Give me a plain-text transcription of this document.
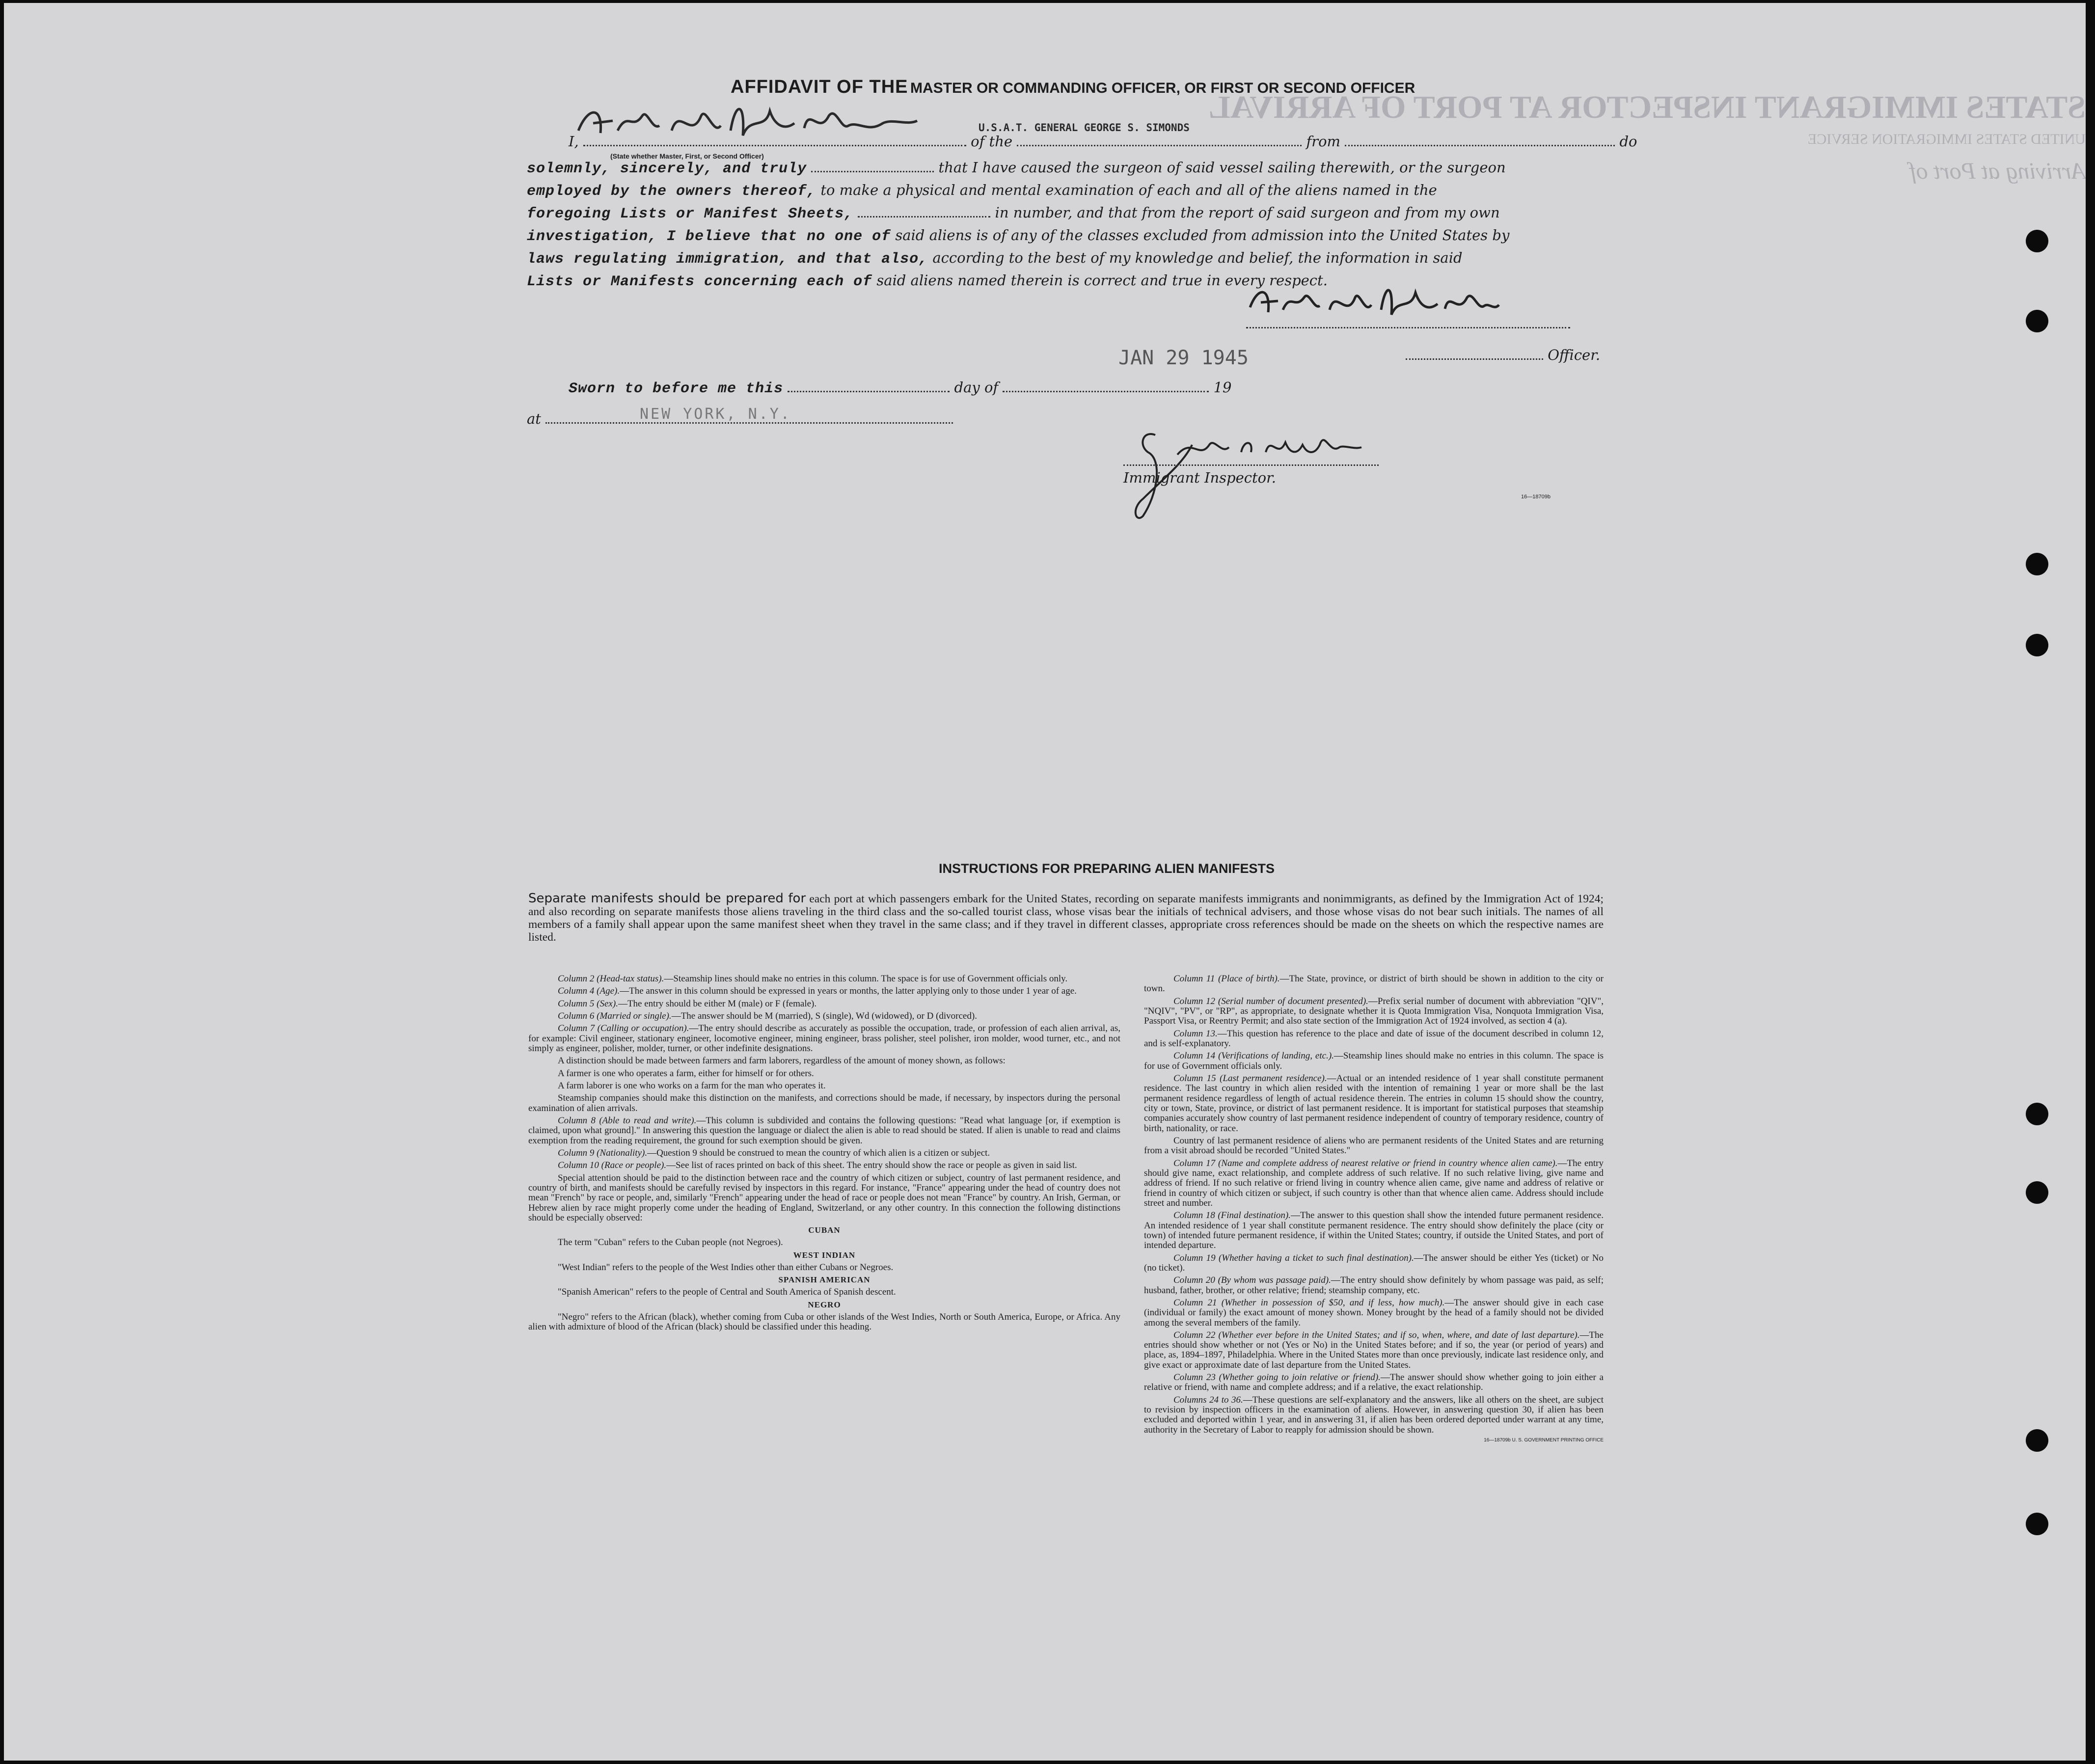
STATES IMMIGRANT INSPECTOR AT PORT OF ARRIVAL
UNITED STATES IMMIGRATION SERVICE
Arriving at Port of
AFFIDAVIT OF THE MASTER OR COMMANDING OFFICER, OR FIRST OR SECOND OFFICER
I,	of the	from	do
U.S.A.T. GENERAL GEORGE S. SIMONDS
(State whether Master, First, or Second Officer)
solemnly, sincerely, and truly	that I have caused the surgeon of said vessel sailing therewith, or the surgeon
employed by the owners thereof, to make a physical and mental examination of each and all of the aliens named in the
foregoing Lists or Manifest Sheets,	in number, and that from the report of said surgeon and from my own
investigation, I believe that no one of said aliens is of any of the classes excluded from admission into the United States by
laws regulating immigration, and that also, according to the best of my knowledge and belief, the information in said
Lists or Manifests concerning each of said aliens named therein is correct and true in every respect.
Officer.
JAN 29 1945
Sworn to before me this	day of	19
at	NEW YORK, N.Y.
Immigrant Inspector.
16—18709b
INSTRUCTIONS FOR PREPARING ALIEN MANIFESTS
Separate manifests should be prepared for each port at which passengers embark for the United States, recording on separate manifests immigrants and nonimmigrants, as defined by the Immigration Act of 1924; and also recording on separate manifests those aliens traveling in the third class and the so-called tourist class, whose visas bear the initials of technical advisers, and those whose visas do not bear such initials. The names of all members of a family shall appear upon the same manifest sheet when they travel in the same class; and if they travel in different classes, appropriate cross references should be made on the sheets on which the respective names are listed.

Column 2 (Head-tax status).—Steamship lines should make no entries in this column. The space is for use of Government officials only.

Column 4 (Age).—The answer in this column should be expressed in years or months, the latter applying only to those under 1 year of age.

Column 5 (Sex).—The entry should be either M (male) or F (female).

Column 6 (Married or single).—The answer should be M (married), S (single), Wd (widowed), or D (divorced).

Column 7 (Calling or occupation).—The entry should describe as accurately as possible the occupation, trade, or profession of each alien arrival, as, for example: Civil engineer, stationary engineer, locomotive engineer, mining engineer, brass polisher, steel polisher, iron molder, wood turner, etc., and not simply as engineer, polisher, molder, turner, or other indefinite designations.

A distinction should be made between farmers and farm laborers, regardless of the amount of money shown, as follows:

A farmer is one who operates a farm, either for himself or for others.

A farm laborer is one who works on a farm for the man who operates it.

Steamship companies should make this distinction on the manifests, and corrections should be made, if necessary, by inspectors during the personal examination of alien arrivals.

Column 8 (Able to read and write).—This column is subdivided and contains the following questions: "Read what language [or, if exemption is claimed, upon what ground]." In answering this question the language or dialect the alien is able to read should be stated. If alien is unable to read and claims exemption from the reading requirement, the ground for such exemption should be given.

Column 9 (Nationality).—Question 9 should be construed to mean the country of which alien is a citizen or subject.

Column 10 (Race or people).—See list of races printed on back of this sheet. The entry should show the race or people as given in said list.

Special attention should be paid to the distinction between race and the country of which citizen or subject, country of last permanent residence, and country of birth, and manifests should be carefully revised by inspectors in this regard. For instance, "France" appearing under the head of country does not mean "French" by race or people, and, similarly "French" appearing under the head of race or people does not mean "France" by country. An Irish, German, or Hebrew alien by race might properly come under the heading of England, Switzerland, or any other country. In this connection the following distinctions should be especially observed:

CUBAN

The term "Cuban" refers to the Cuban people (not Negroes).

WEST INDIAN

"West Indian" refers to the people of the West Indies other than either Cubans or Negroes.

SPANISH AMERICAN

"Spanish American" refers to the people of Central and South America of Spanish descent.

NEGRO

"Negro" refers to the African (black), whether coming from Cuba or other islands of the West Indies, North or South America, Europe, or Africa. Any alien with admixture of blood of the African (black) should be classified under this heading.

Column 11 (Place of birth).—The State, province, or district of birth should be shown in addition to the city or town.

Column 12 (Serial number of document presented).—Prefix serial number of document with abbreviation "QIV", "NQIV", "PV", or "RP", as appropriate, to designate whether it is Quota Immigration Visa, Nonquota Immigration Visa, Passport Visa, or Reentry Permit; and also state section of the Immigration Act of 1924 involved, as section 4 (a).

Column 13.—This question has reference to the place and date of issue of the document described in column 12, and is self-explanatory.

Column 14 (Verifications of landing, etc.).—Steamship lines should make no entries in this column. The space is for use of Government officials only.

Column 15 (Last permanent residence).—Actual or an intended residence of 1 year shall constitute permanent residence. The last country in which alien resided with the intention of remaining 1 year or more shall be the last permanent residence regardless of length of actual residence therein. The entries in column 15 should show the country, city or town, State, province, or district of last permanent residence. It is important for statistical purposes that steamship companies accurately show country of last permanent residence independent of country of temporary residence, country of birth, nationality, or race.

Country of last permanent residence of aliens who are permanent residents of the United States and are returning from a visit abroad should be recorded "United States."

Column 17 (Name and complete address of nearest relative or friend in country whence alien came).—The entry should give name, exact relationship, and complete address of such relative. If no such relative living, give name and address of friend. If no such relative or friend living in country whence alien came, give name and address of relative or friend in country of which citizen or subject, if such country is other than that whence alien came. Address should include street and number.

Column 18 (Final destination).—The answer to this question shall show the intended future permanent residence. An intended residence of 1 year shall constitute permanent residence. The entry should show definitely the place (city or town) of intended future permanent residence, if within the United States; country, if outside the United States, and port of intended departure.

Column 19 (Whether having a ticket to such final destination).—The answer should be either Yes (ticket) or No (no ticket).

Column 20 (By whom was passage paid).—The entry should show definitely by whom passage was paid, as self; husband, father, brother, or other relative; friend; steamship company, etc.

Column 21 (Whether in possession of $50, and if less, how much).—The answer should give in each case (individual or family) the exact amount of money shown. Money brought by the head of a family should not be divided among the several members of the family.

Column 22 (Whether ever before in the United States; and if so, when, where, and date of last departure).—The entries should show whether or not (Yes or No) in the United States before; and if so, the year (or period of years) and place, as, 1894–1897, Philadelphia. Where in the United States more than once previously, indicate last residence only, and give exact or approximate date of last departure from the United States.

Column 23 (Whether going to join relative or friend).—The answer should show whether going to join either a relative or friend, with name and complete address; and if a relative, the exact relationship.

Columns 24 to 36.—These questions are self-explanatory and the answers, like all others on the sheet, are subject to revision by inspection officers in the examination of aliens. However, in answering question 30, if alien has been excluded and deported within 1 year, and in answering 31, if alien has been ordered deported under warrant at any time, authority in the Secretary of Labor to reapply for admission should be shown.

16—18709b U. S. GOVERNMENT PRINTING OFFICE
